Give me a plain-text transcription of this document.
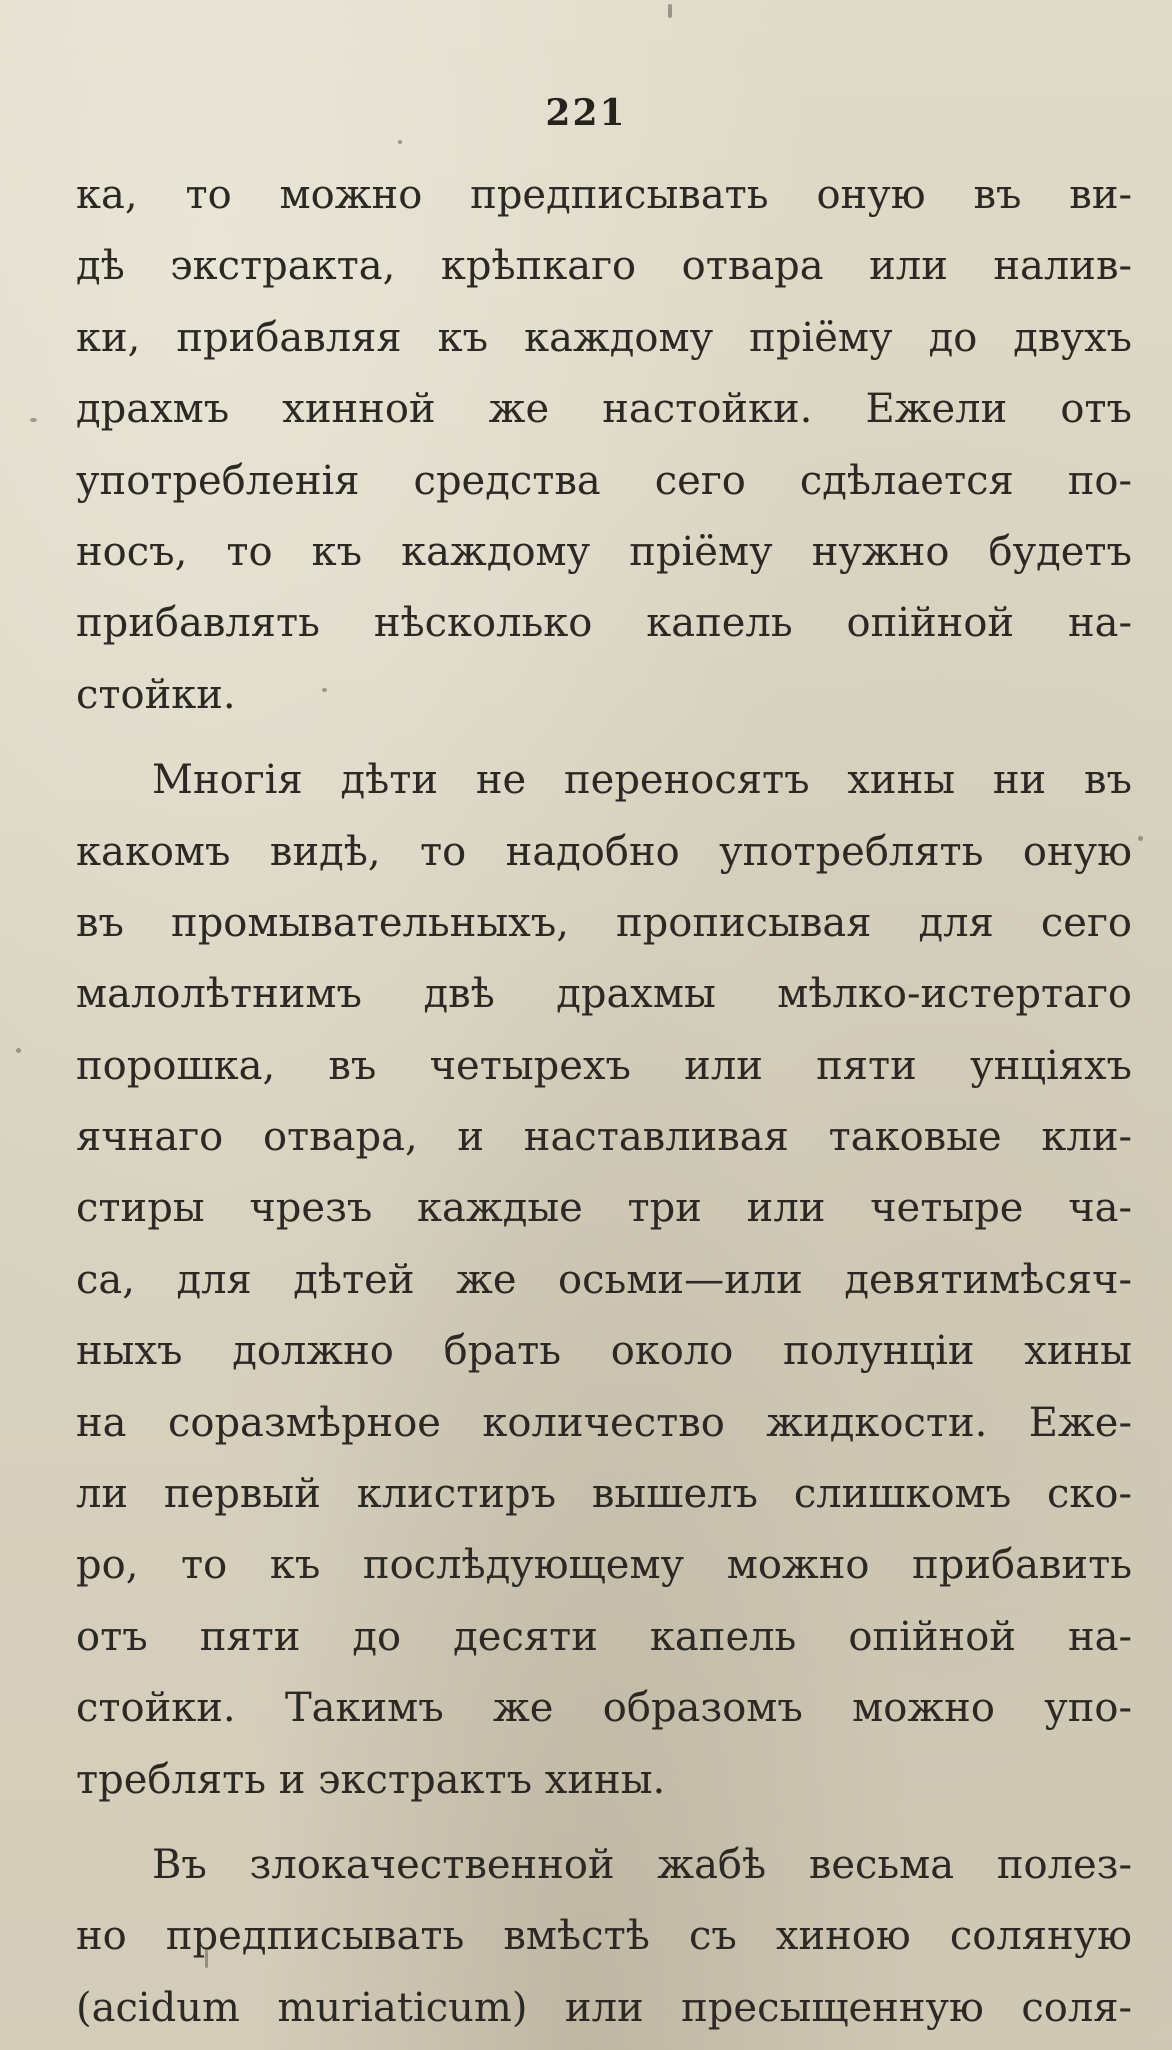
221
ка, то можно предписывать оную въ ви-
дѣ экстракта, крѣпкаго отвара или налив-
ки, прибавляя къ каждому пріёму до двухъ
драхмъ хинной же настойки. Ежели отъ
употребленія средства сего сдѣлается по-
носъ, то къ каждому пріёму нужно будетъ
прибавлять нѣсколько капель опійной на-
стойки.
Многія дѣти не переносятъ хины ни въ
какомъ видѣ, то надобно употреблять оную
въ промывательныхъ, прописывая для сего
малолѣтнимъ двѣ драхмы мѣлко-истертаго
порошка, въ четырехъ или пяти унціяхъ
ячнаго отвара, и наставливая таковые кли-
стиры чрезъ каждые три или четыре ча-
са, для дѣтей же осьми—или девятимѣсяч-
ныхъ должно брать около полунціи хины
на соразмѣрное количество жидкости. Еже-
ли первый клистиръ вышелъ слишкомъ ско-
ро, то къ послѣдующему можно прибавить
отъ пяти до десяти капель опійной на-
стойки. Такимъ же образомъ можно упо-
треблять и экстрактъ хины.
Въ злокачественной жабѣ весьма полез-
но предписывать вмѣстѣ съ хиною соляную
(acidum muriaticum) или пресыщенную соля-
